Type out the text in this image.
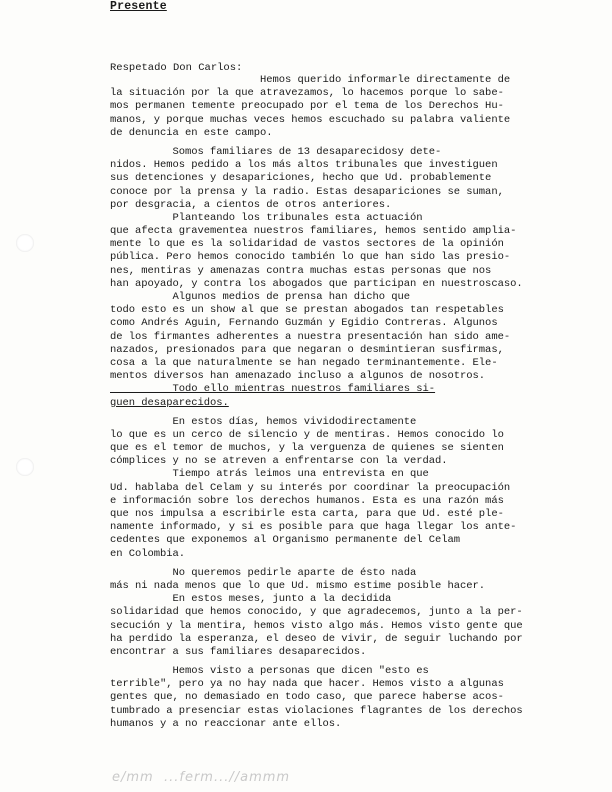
Presente
Respetado Don Carlos:
Hemos querido informarle directamente de
la situación por la que atravezamos, lo hacemos porque lo sabe-
mos permanen temente preocupado por el tema de los Derechos Hu-
manos, y porque muchas veces hemos escuchado su palabra valiente
de denuncia en este campo.
Somos familiares de 13 desaparecidosy dete-
nidos. Hemos pedido a los más altos tribunales que investiguen
sus detenciones y desapariciones, hecho que Ud. probablemente
conoce por la prensa y la radio. Estas desapariciones se suman,
por desgracia, a cientos de otros anteriores.
Planteando los tribunales esta actuación
que afecta gravementea nuestros familiares, hemos sentido amplia-
mente lo que es la solidaridad de vastos sectores de la opinión
pública. Pero hemos conocido también lo que han sido las presio-
nes, mentiras y amenazas contra muchas estas personas que nos
han apoyado, y contra los abogados que participan en nuestroscaso.
Algunos medios de prensa han dicho que
todo esto es un show al que se prestan abogados tan respetables
como Andrés Aguin, Fernando Guzmán y Egidio Contreras. Algunos
de los firmantes adherentes a nuestra presentación han sido ame-
nazados, presionados para que negaran o desmintieran susfirmas,
cosa a la que naturalmente se han negado terminantemente. Ele-
mentos diversos han amenazado incluso a algunos de nosotros.
Todo ello mientras nuestros familiares si-
guen desaparecidos.
En estos días, hemos vividodirectamente
lo que es un cerco de silencio y de mentiras. Hemos conocido lo
que es el temor de muchos, y la verguenza de quienes se sienten
cómplices y no se atreven a enfrentarse con la verdad.
Tiempo atrás leimos una entrevista en que
Ud. hablaba del Celam y su interés por coordinar la preocupación
e información sobre los derechos humanos. Esta es una razón más
que nos impulsa a escribirle esta carta, para que Ud. esté ple-
namente informado, y si es posible para que haga llegar los ante-
cedentes que exponemos al Organismo permanente del Celam
en Colombia.
No queremos pedirle aparte de ésto nada
más ni nada menos que lo que Ud. mismo estime posible hacer.
En estos meses, junto a la decidida
solidaridad que hemos conocido, y que agradecemos, junto a la per-
secución y la mentira, hemos visto algo más. Hemos visto gente que
ha perdido la esperanza, el deseo de vivir, de seguir luchando por
encontrar a sus familiares desaparecidos.
Hemos visto a personas que dicen "esto es
terrible", pero ya no hay nada que hacer. Hemos visto a algunas
gentes que, no demasiado en todo caso, que parece haberse acos-
tumbrado a presenciar estas violaciones flagrantes de los derechos
humanos y a no reaccionar ante ellos.
e/mm  ...ferm...//ammm
